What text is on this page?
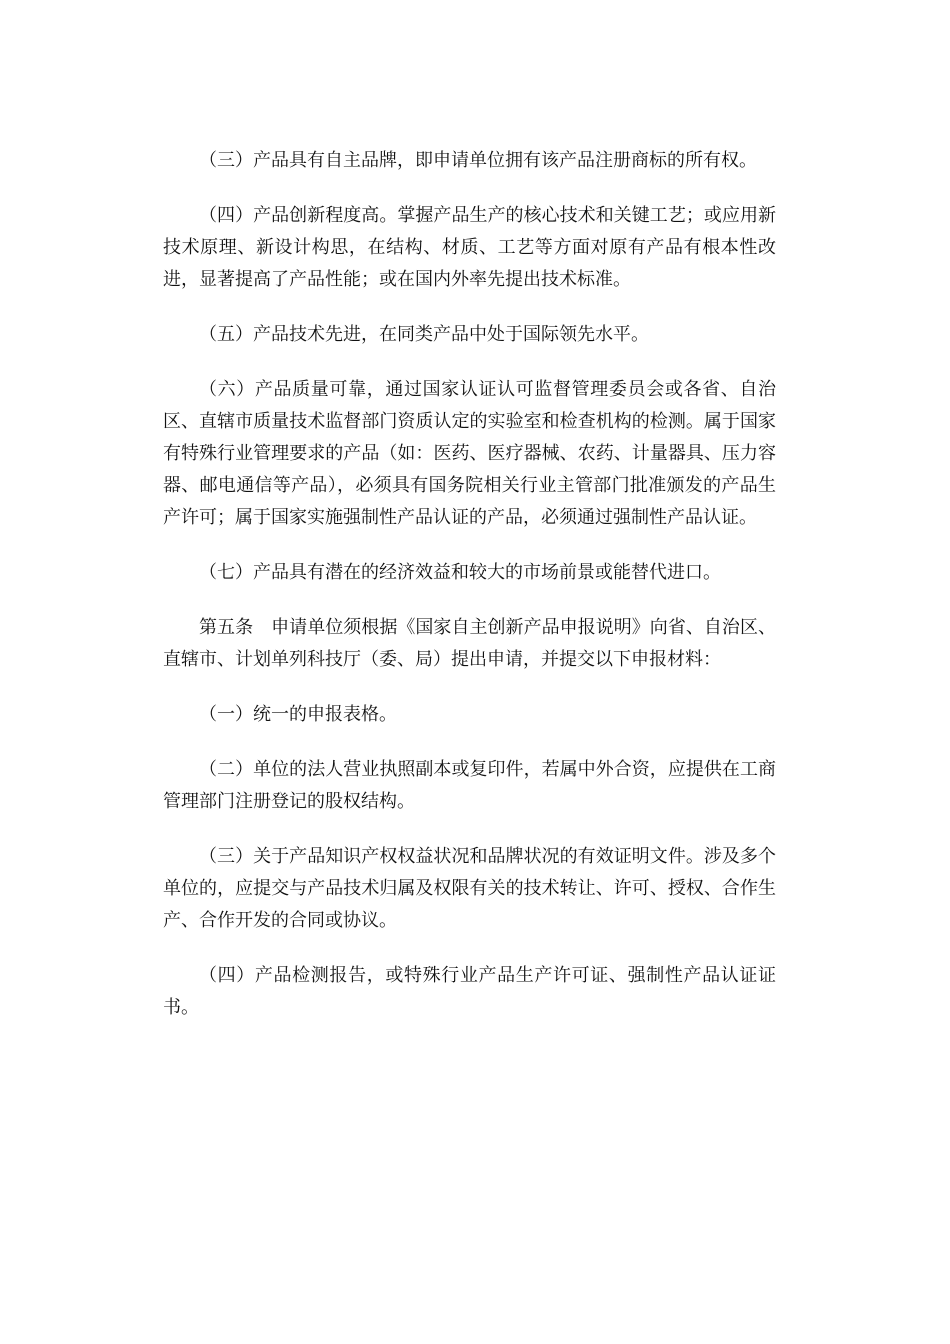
（三）产品具有自主品牌，即申请单位拥有该产品注册商标的所有权。

（四）产品创新程度高。掌握产品生产的核心技术和关键工艺；或应用新技术原理、新设计构思，在结构、材质、工艺等方面对原有产品有根本性改进，显著提高了产品性能；或在国内外率先提出技术标准。

（五）产品技术先进，在同类产品中处于国际领先水平。

（六）产品质量可靠，通过国家认证认可监督管理委员会或各省、自治区、直辖市质量技术监督部门资质认定的实验室和检查机构的检测。属于国家有特殊行业管理要求的产品（如：医药、医疗器械、农药、计量器具、压力容器、邮电通信等产品），必须具有国务院相关行业主管部门批准颁发的产品生产许可；属于国家实施强制性产品认证的产品，必须通过强制性产品认证。

（七）产品具有潜在的经济效益和较大的市场前景或能替代进口。

第五条　申请单位须根据《国家自主创新产品申报说明》向省、自治区、直辖市、计划单列科技厅（委、局）提出申请，并提交以下申报材料：

（一）统一的申报表格。

（二）单位的法人营业执照副本或复印件，若属中外合资，应提供在工商管理部门注册登记的股权结构。

（三）关于产品知识产权权益状况和品牌状况的有效证明文件。涉及多个单位的，应提交与产品技术归属及权限有关的技术转让、许可、授权、合作生产、合作开发的合同或协议。

（四）产品检测报告，或特殊行业产品生产许可证、强制性产品认证证书。
